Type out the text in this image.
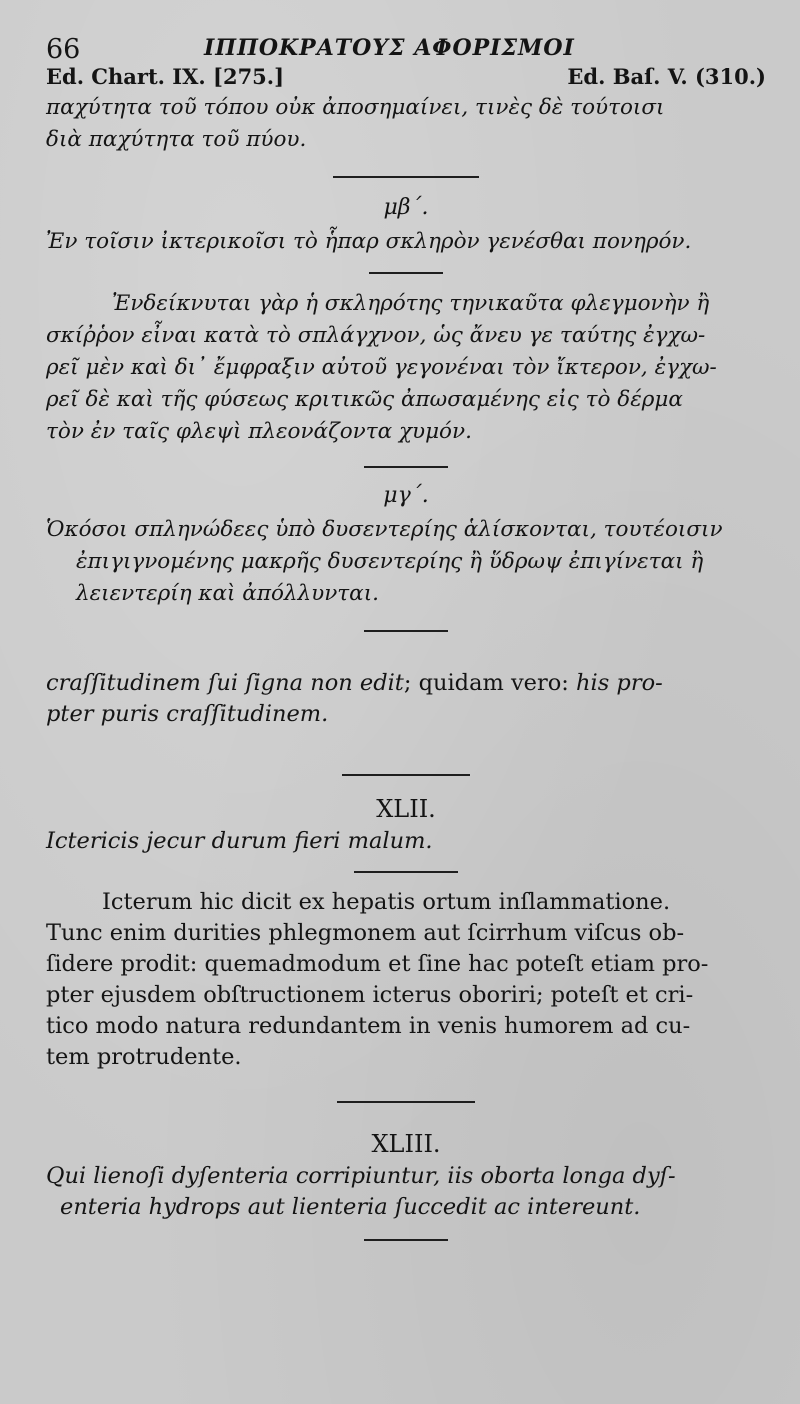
66	ΙΠΠΟΚΡΑΤΟΥΣ ΑΦΟΡΙΣΜΟΙ
Ed. Chart. IX. [275.]	Ed. Baſ. V. (310.)
παχύτητα τοῦ τόπου οὐκ ἀποσημαίνει, τινὲς δὲ τούτοισι
διὰ παχύτητα τοῦ πύου.
μβ΄.
Ἐν τοῖσιν ἰκτερικοῖσι τὸ ἧπαρ σκληρὸν γενέσθαι πονηρόν.
Ἐνδείκνυται γὰρ ἡ σκληρότης τηνικαῦτα φλεγμονὴν ἢ
σκίῤῥον εἶναι κατὰ τὸ σπλάγχνον, ὡς ἄνευ γε ταύτης ἐγχω-
ρεῖ μὲν καὶ δι᾽ ἔμφραξιν αὐτοῦ γεγονέναι τὸν ἴκτερον, ἐγχω-
ρεῖ δὲ καὶ τῆς φύσεως κριτικῶς ἀπωσαμένης εἰς τὸ δέρμα
τὸν ἐν ταῖς φλεψὶ πλεονάζοντα χυμόν.
μγ΄.
Ὁκόσοι σπληνώδεες ὑπὸ δυσεντερίης ἁλίσκονται, τουτέοισιν
ἐπιγιγνομένης μακρῆς δυσεντερίης ἢ ὕδρωψ ἐπιγίνεται ἢ
λειεντερίη καὶ ἀπόλλυνται.
craſſitudinem ſui ſigna non edit; quidam vero: his pro-
pter puris craſſitudinem.
XLII.
Ictericis jecur durum fieri malum.
Icterum hic dicit ex hepatis ortum inſlammatione.
Tunc enim durities phlegmonem aut ſcirrhum viſcus ob-
ſidere prodit: quemadmodum et ſine hac poteſt etiam pro-
pter ejusdem obſtructionem icterus oboriri; poteſt et cri-
tico modo natura redundantem in venis humorem ad cu-
tem protrudente.
XLIII.
Qui lienoſi dyſenteria corripiuntur, iis oborta longa dyſ-
enteria hydrops aut lienteria ſuccedit ac intereunt.
